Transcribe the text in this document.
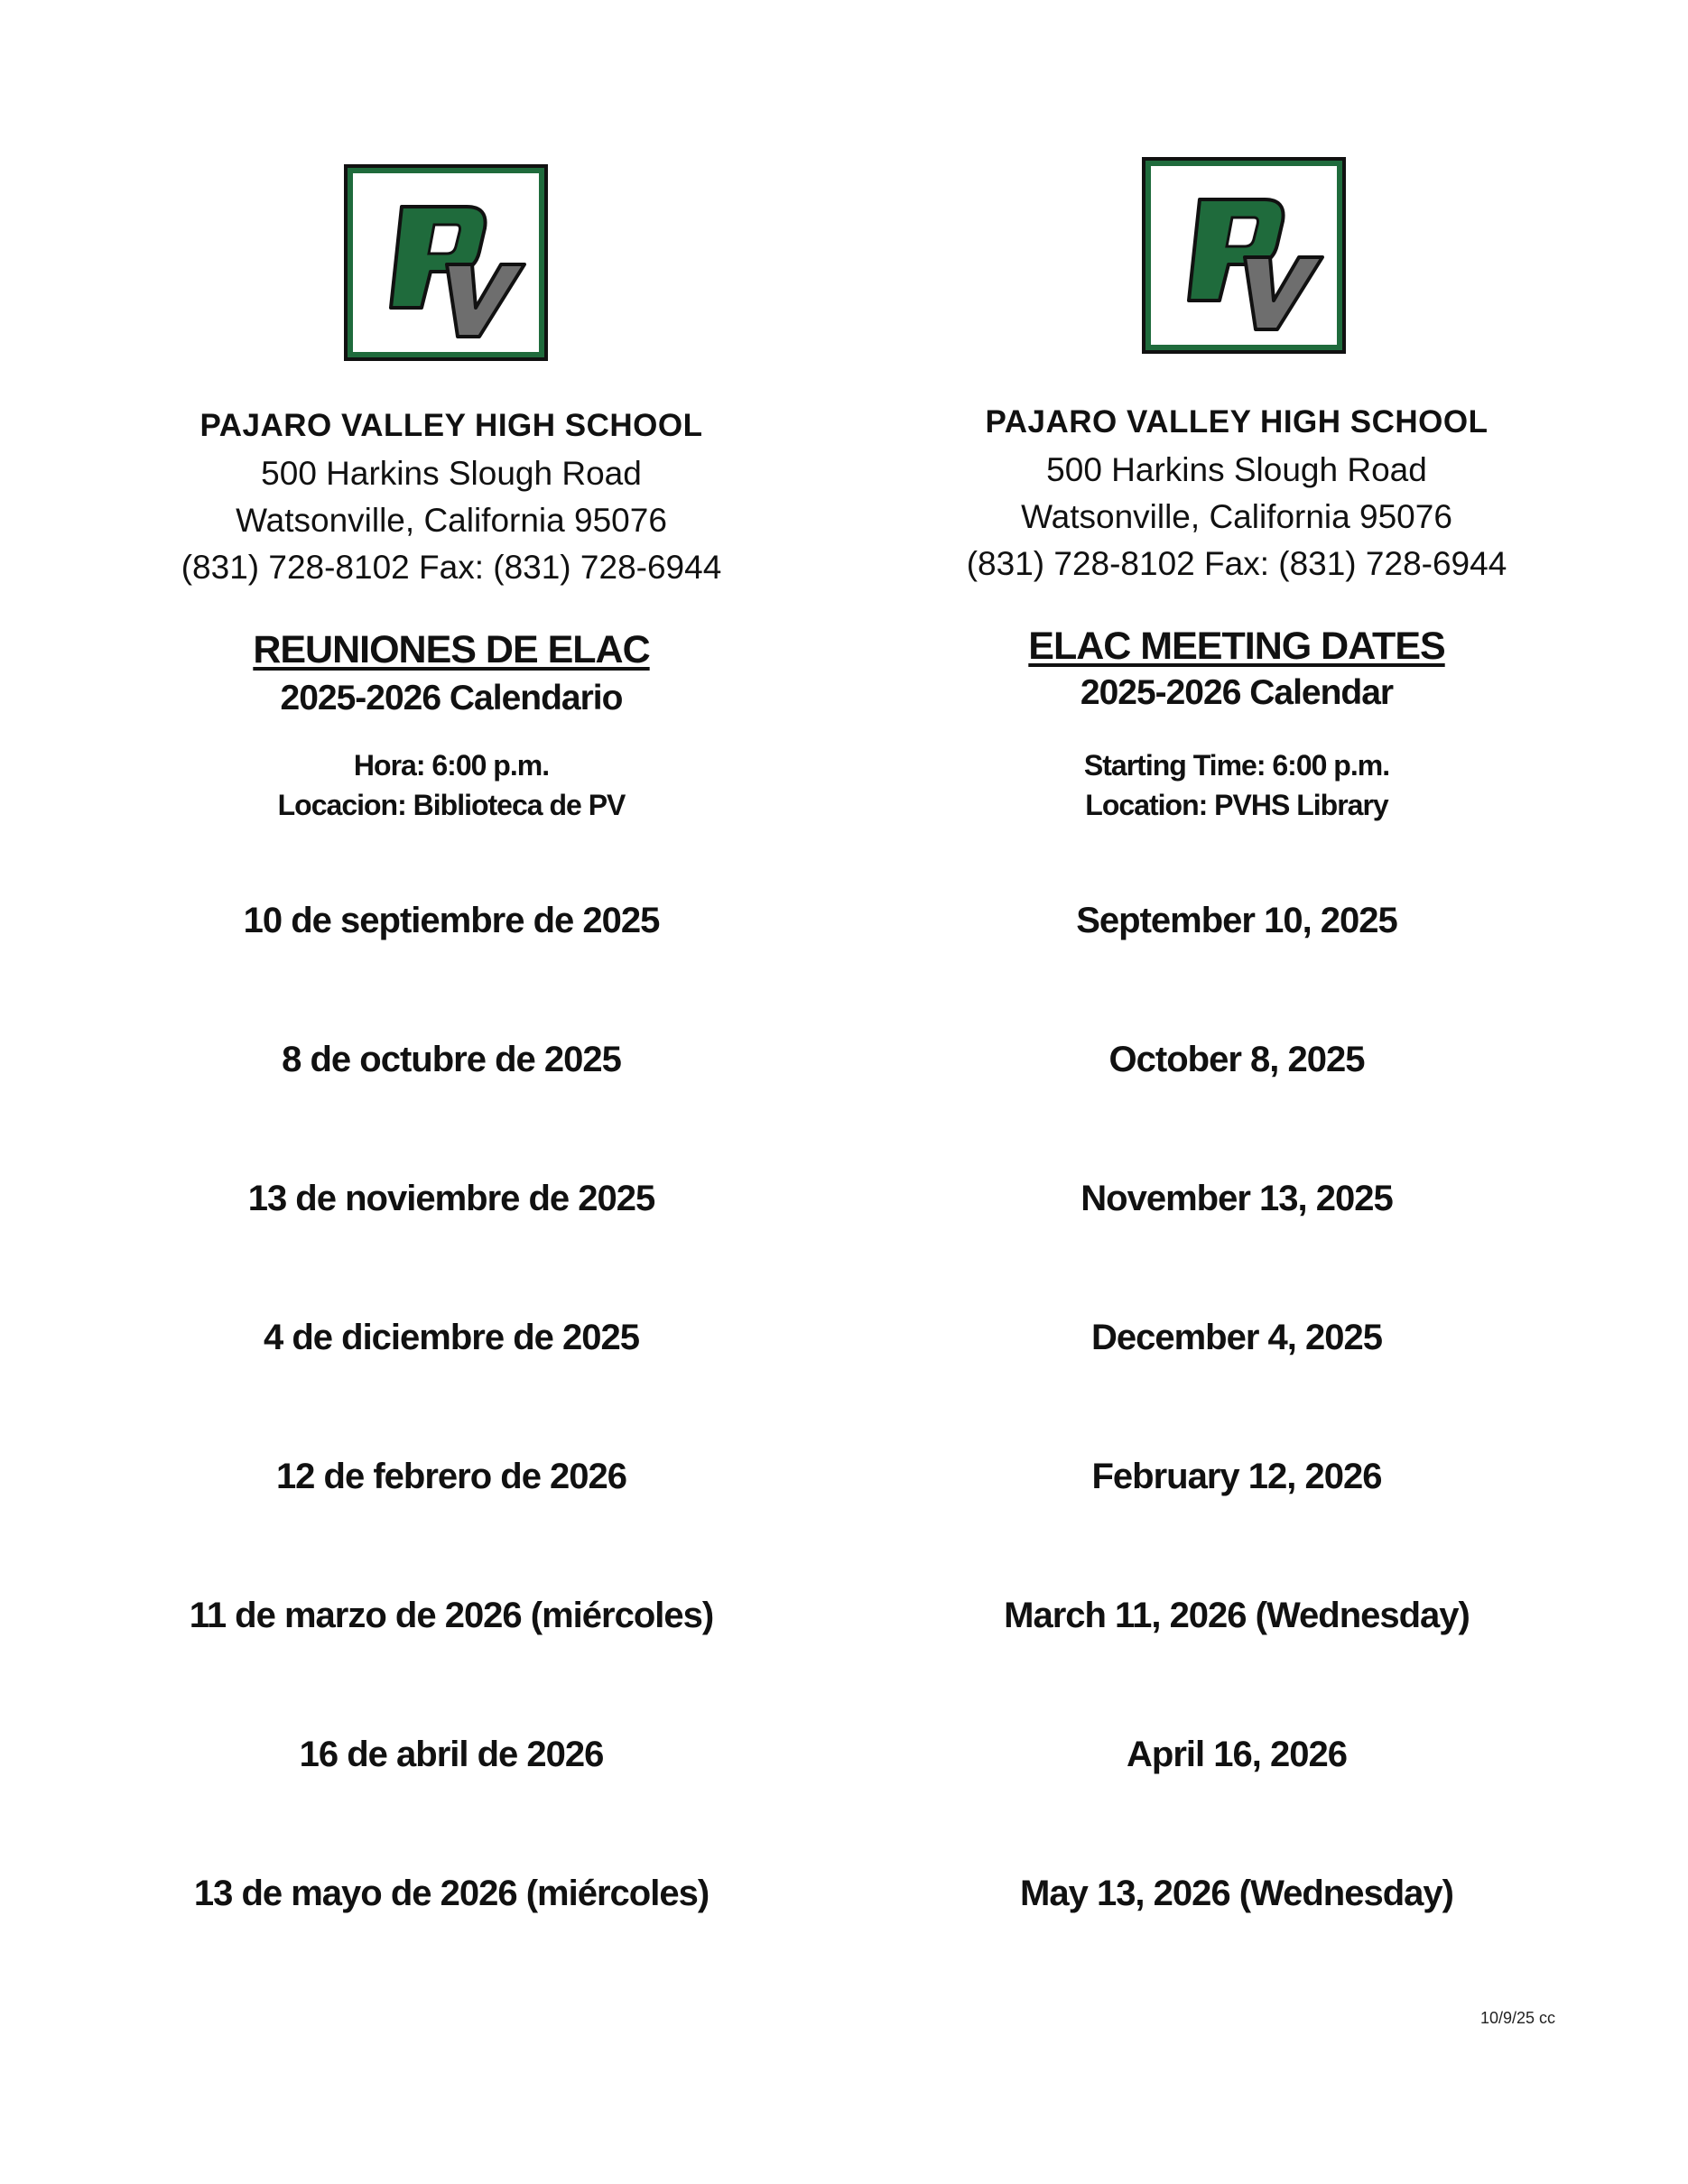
PAJARO VALLEY HIGH SCHOOL
500 Harkins Slough Road
Watsonville, California 95076
(831) 728-8102 Fax: (831) 728-6944
REUNIONES DE ELAC
2025-2026 Calendario
Hora: 6:00 p.m.
Locacion: Biblioteca de PV
10 de septiembre de 2025
8 de octubre de 2025
13 de noviembre de 2025
4 de diciembre de 2025
12 de febrero de 2026
11 de marzo de 2026 (miércoles)
16 de abril de 2026
13 de mayo de 2026 (miércoles)
PAJARO VALLEY HIGH SCHOOL
500 Harkins Slough Road
Watsonville, California 95076
(831) 728-8102 Fax: (831) 728-6944
ELAC MEETING DATES
2025-2026 Calendar
Starting Time: 6:00 p.m.
Location: PVHS Library
September 10, 2025
October 8, 2025
November 13, 2025
December 4, 2025
February 12, 2026
March 11, 2026 (Wednesday)
April 16, 2026
May 13, 2026 (Wednesday)
10/9/25 cc
